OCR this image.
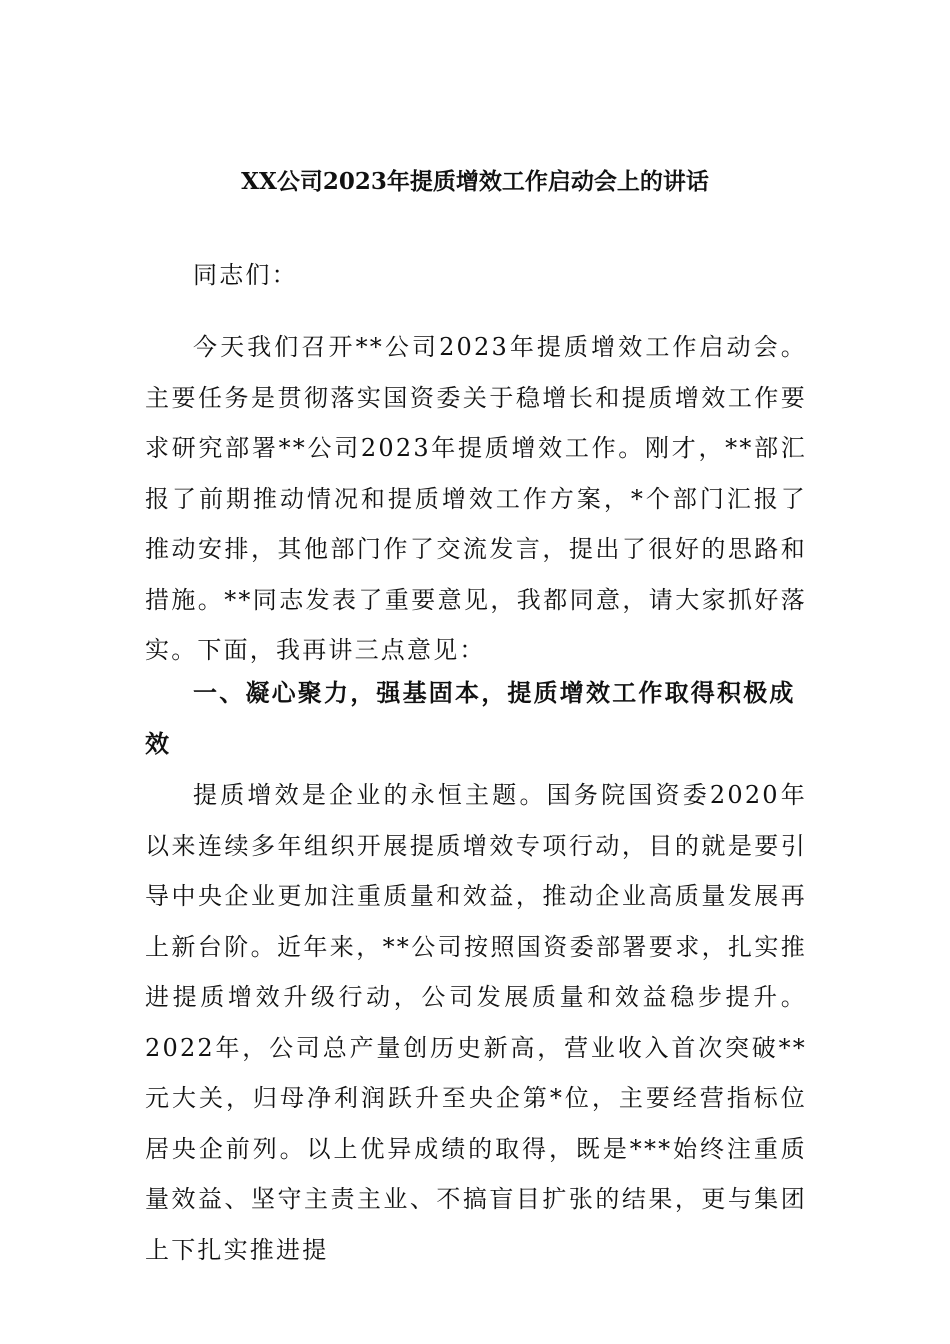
XX公司2023年提质增效工作启动会上的讲话

同志们：

今天我们召开**公司2023年提质增效工作启动会。主要任务是贯彻落实国资委关于稳增长和提质增效工作要求研究部署**公司2023年提质增效工作。刚才，**部汇报了前期推动情况和提质增效工作方案，*个部门汇报了推动安排，其他部门作了交流发言，提出了很好的思路和措施。**同志发表了重要意见，我都同意，请大家抓好落实。下面，我再讲三点意见：

一、凝心聚力，强基固本，提质增效工作取得积极成效

提质增效是企业的永恒主题。国务院国资委2020年以来连续多年组织开展提质增效专项行动，目的就是要引导中央企业更加注重质量和效益，推动企业高质量发展再上新台阶。近年来，**公司按照国资委部署要求，扎实推进提质增效升级行动，公司发展质量和效益稳步提升。2022年，公司总产量创历史新高，营业收入首次突破**元大关，归母净利润跃升至央企第*位，主要经营指标位居央企前列。以上优异成绩的取得，既是***始终注重质量效益、坚守主责主业、不搞盲目扩张的结果，更与集团上下扎实推进提
